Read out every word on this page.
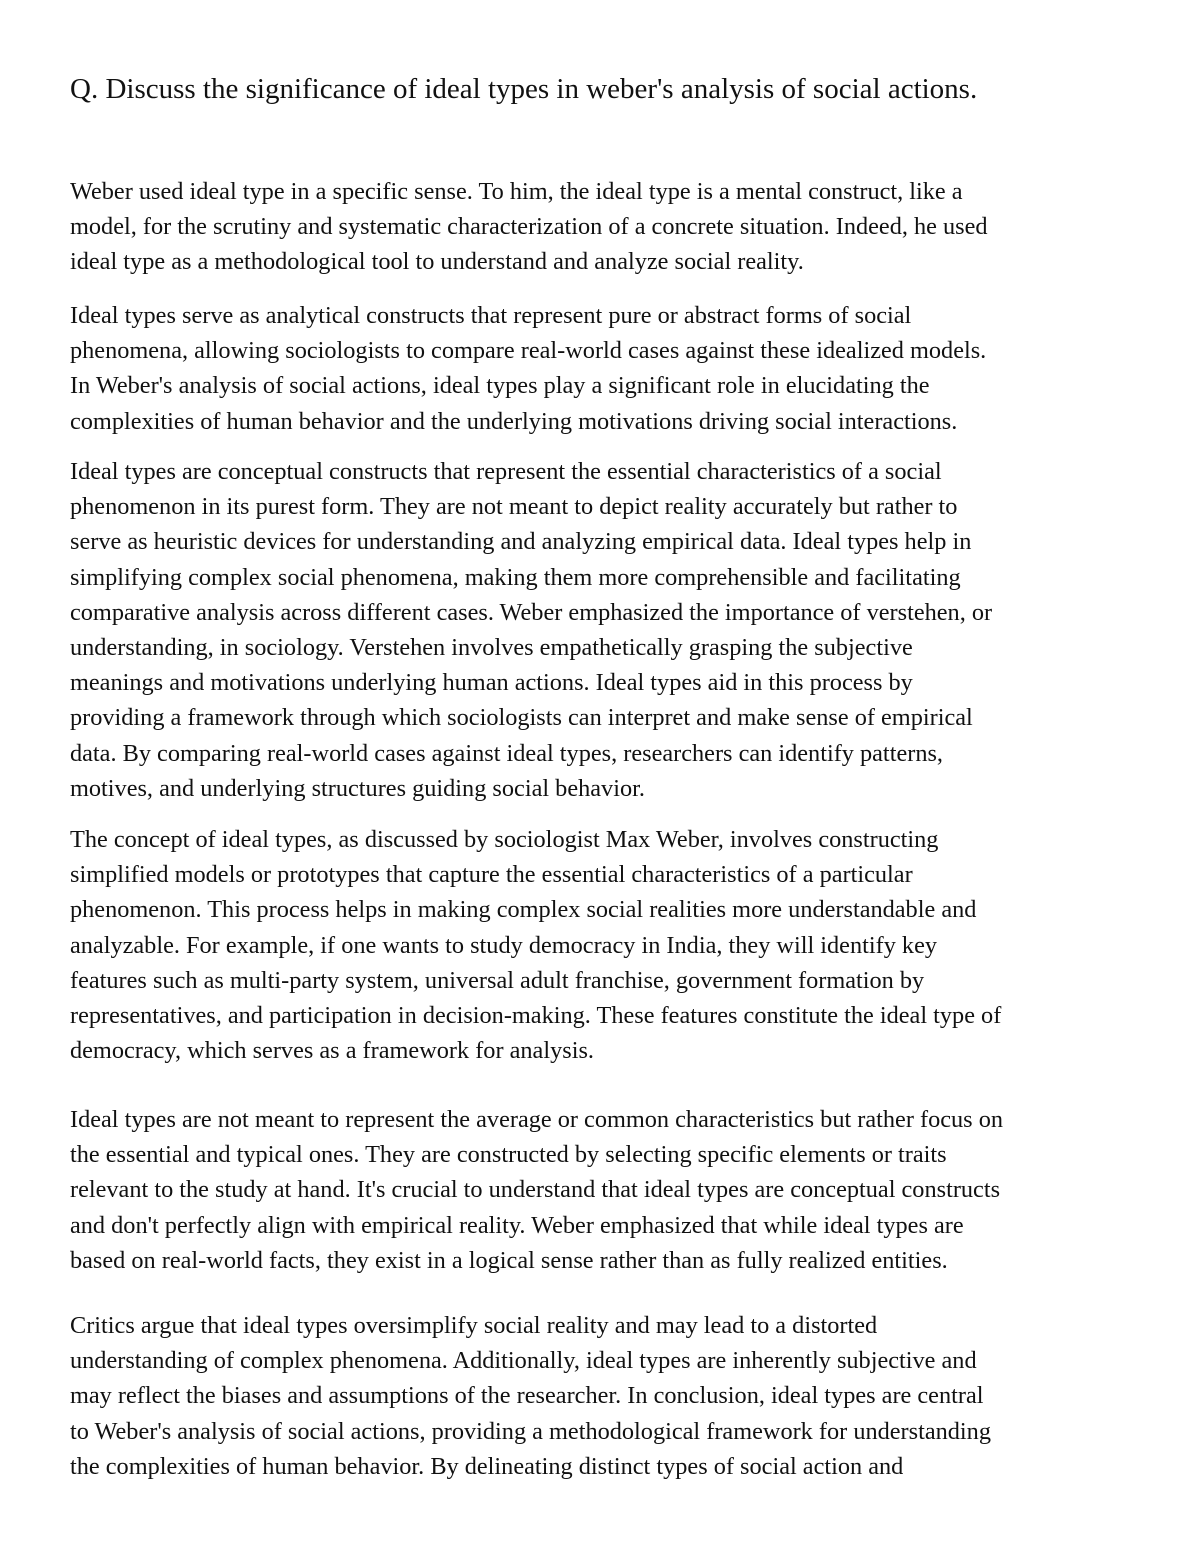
Q. Discuss the significance of ideal types in weber's analysis of social actions.

Weber used ideal type in a specific sense. To him, the ideal type is a mental construct, like a
model, for the scrutiny and systematic characterization of a concrete situation. Indeed, he used
ideal type as a methodological tool to understand and analyze social reality.

Ideal types serve as analytical constructs that represent pure or abstract forms of social
phenomena, allowing sociologists to compare real-world cases against these idealized models.
In Weber's analysis of social actions, ideal types play a significant role in elucidating the
complexities of human behavior and the underlying motivations driving social interactions.

Ideal types are conceptual constructs that represent the essential characteristics of a social
phenomenon in its purest form. They are not meant to depict reality accurately but rather to
serve as heuristic devices for understanding and analyzing empirical data. Ideal types help in
simplifying complex social phenomena, making them more comprehensible and facilitating
comparative analysis across different cases. Weber emphasized the importance of verstehen, or
understanding, in sociology. Verstehen involves empathetically grasping the subjective
meanings and motivations underlying human actions. Ideal types aid in this process by
providing a framework through which sociologists can interpret and make sense of empirical
data. By comparing real-world cases against ideal types, researchers can identify patterns,
motives, and underlying structures guiding social behavior.

The concept of ideal types, as discussed by sociologist Max Weber, involves constructing
simplified models or prototypes that capture the essential characteristics of a particular
phenomenon. This process helps in making complex social realities more understandable and
analyzable. For example, if one wants to study democracy in India, they will identify key
features such as multi-party system, universal adult franchise, government formation by
representatives, and participation in decision-making. These features constitute the ideal type of
democracy, which serves as a framework for analysis.

Ideal types are not meant to represent the average or common characteristics but rather focus on
the essential and typical ones. They are constructed by selecting specific elements or traits
relevant to the study at hand. It's crucial to understand that ideal types are conceptual constructs
and don't perfectly align with empirical reality. Weber emphasized that while ideal types are
based on real-world facts, they exist in a logical sense rather than as fully realized entities.

Critics argue that ideal types oversimplify social reality and may lead to a distorted
understanding of complex phenomena. Additionally, ideal types are inherently subjective and
may reflect the biases and assumptions of the researcher. In conclusion, ideal types are central
to Weber's analysis of social actions, providing a methodological framework for understanding
the complexities of human behavior. By delineating distinct types of social action and
